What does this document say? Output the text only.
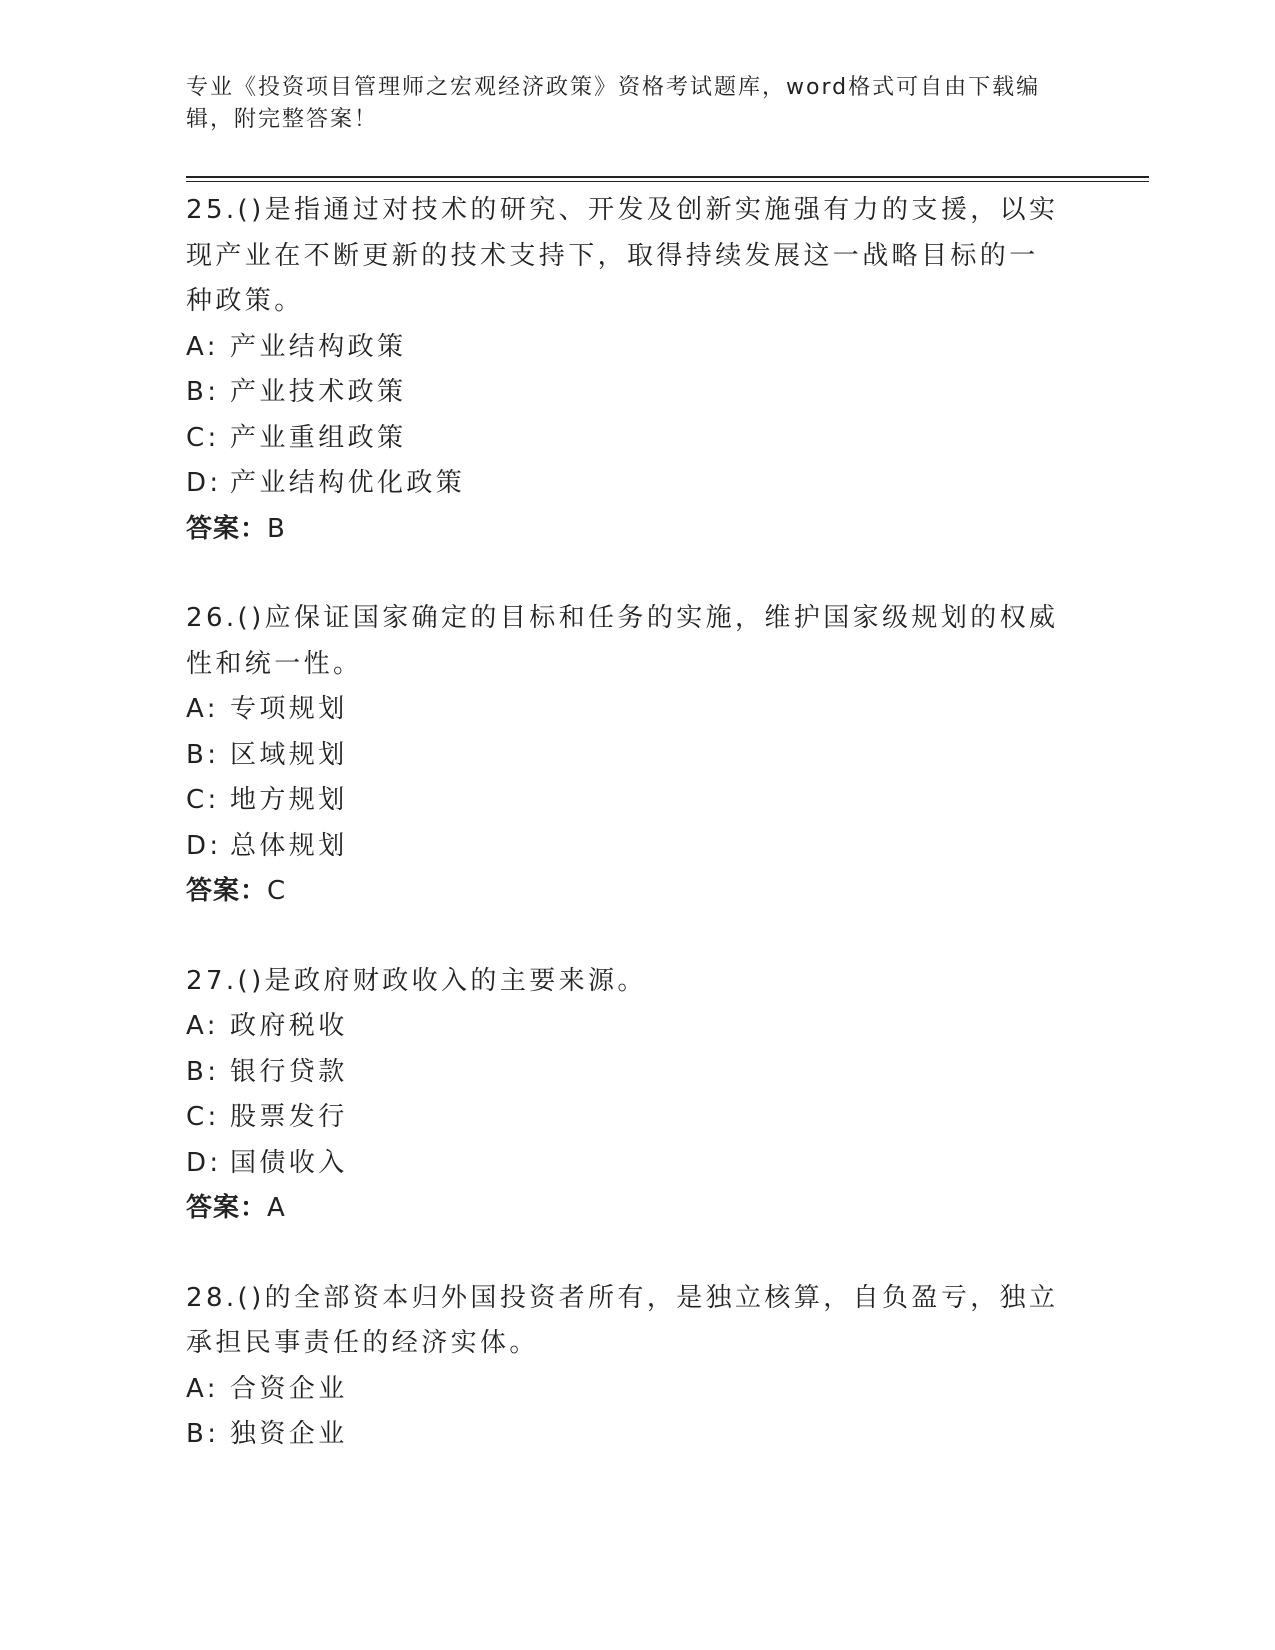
专业《投资项目管理师之宏观经济政策》资格考试题库，word格式可自由下载编辑，附完整答案！
25.()是指通过对技术的研究、开发及创新实施强有力的支援，以实现产业在不断更新的技术支持下，取得持续发展这一战略目标的一种政策。
A: 产业结构政策
B: 产业技术政策
C: 产业重组政策
D: 产业结构优化政策
答案：B
26.()应保证国家确定的目标和任务的实施，维护国家级规划的权威性和统一性。
A: 专项规划
B: 区域规划
C: 地方规划
D: 总体规划
答案：C
27.()是政府财政收入的主要来源。
A: 政府税收
B: 银行贷款
C: 股票发行
D: 国债收入
答案：A
28.()的全部资本归外国投资者所有，是独立核算，自负盈亏，独立承担民事责任的经济实体。
A: 合资企业
B: 独资企业
